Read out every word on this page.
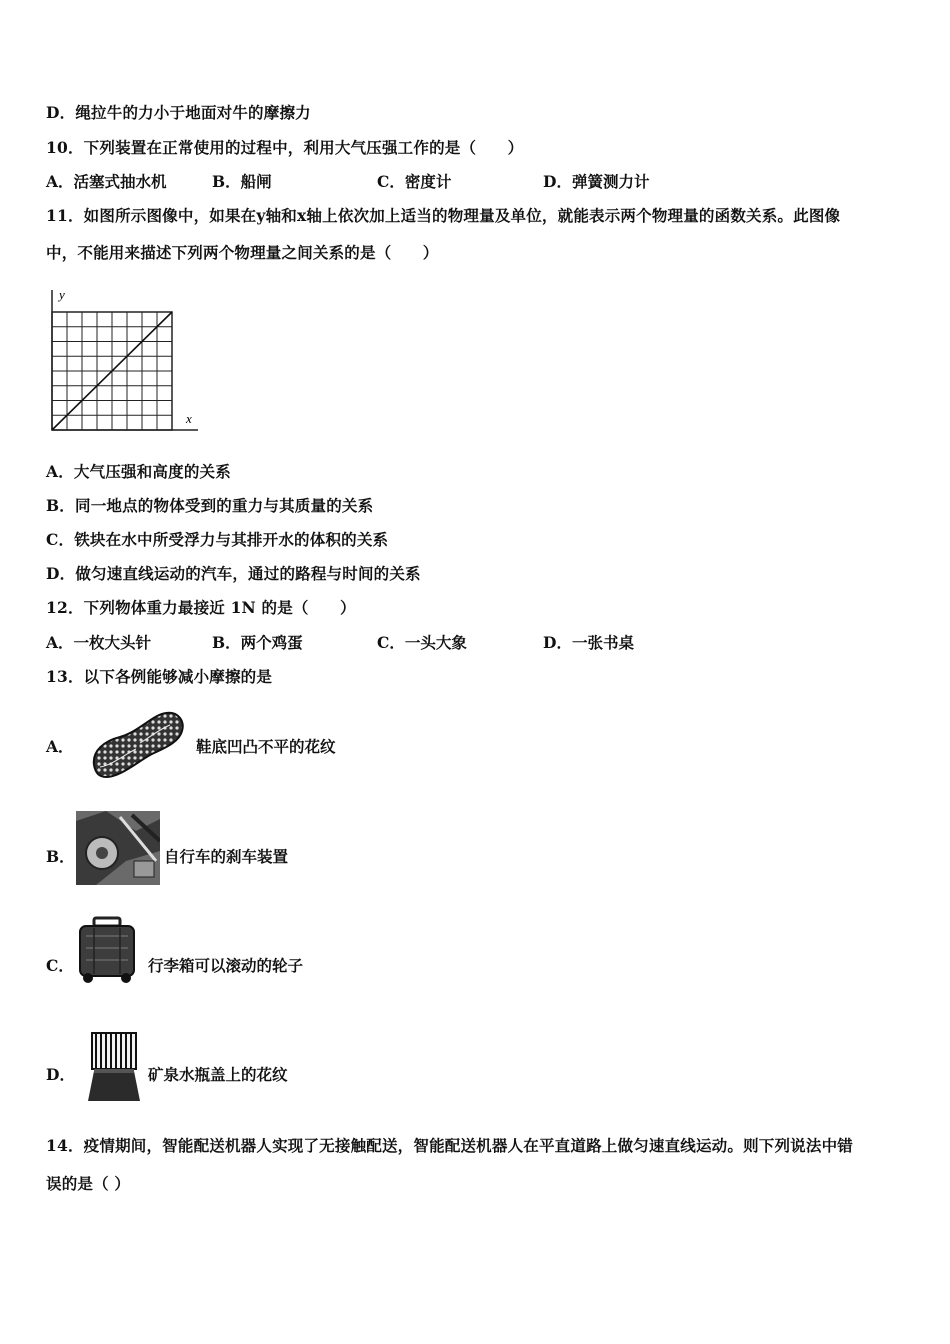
D．绳拉牛的力小于地面对牛的摩擦力
10．下列装置在正常使用的过程中，利用大气压强工作的是（　　）
A．活塞式抽水机	B．船闸	C．密度计	D．弹簧测力计
11．如图所示图像中，如果在y轴和x轴上依次加上适当的物理量及单位，就能表示两个物理量的函数关系。此图像
中，不能用来描述下列两个物理量之间关系的是（　　）
y
x
A．大气压强和高度的关系
B．同一地点的物体受到的重力与其质量的关系
C．铁块在水中所受浮力与其排开水的体积的关系
D．做匀速直线运动的汽车，通过的路程与时间的关系
12．下列物体重力最接近 1N 的是（　　）
A．一枚大头针	B．两个鸡蛋	C．一头大象	D．一张书桌
13．以下各例能够减小摩擦的是
A．	鞋底凹凸不平的花纹
B．	自行车的刹车装置
C．	行李箱可以滚动的轮子
D．	矿泉水瓶盖上的花纹
14．疫情期间，智能配送机器人实现了无接触配送，智能配送机器人在平直道路上做匀速直线运动。则下列说法中错
误的是（ ）
